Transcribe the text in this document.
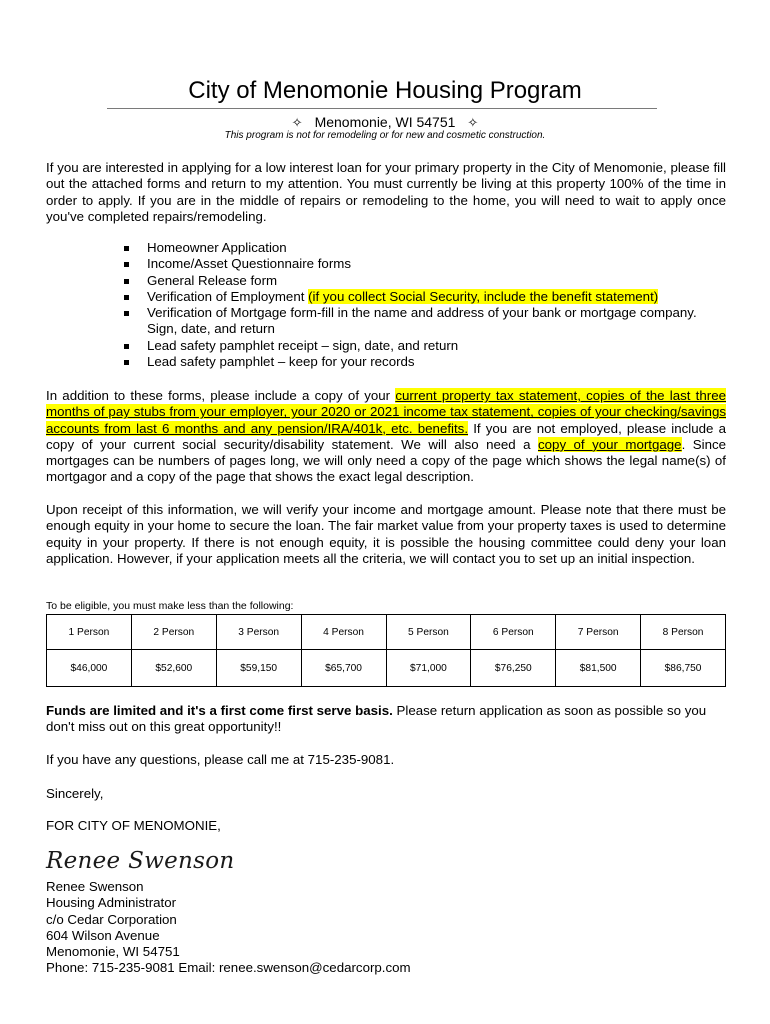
City of Menomonie Housing Program
✧ Menomonie, WI 54751 ✧
This program is not for remodeling or for new and cosmetic construction.

If you are interested in applying for a low interest loan for your primary property in the City of Menomonie, please fill out the attached forms and return to my attention. You must currently be living at this property 100% of the time in order to apply. If you are in the middle of repairs or remodeling to the home, you will need to wait to apply once you've completed repairs/remodeling.

Homeowner Application
Income/Asset Questionnaire forms
General Release form
Verification of Employment (if you collect Social Security, include the benefit statement)
Verification of Mortgage form-fill in the name and address of your bank or mortgage company. Sign, date, and return
Lead safety pamphlet receipt – sign, date, and return
Lead safety pamphlet – keep for your records

In addition to these forms, please include a copy of your current property tax statement, copies of the last three months of pay stubs from your employer, your 2020 or 2021 income tax statement, copies of your checking/savings accounts from last 6 months and any pension/IRA/401k, etc. benefits. If you are not employed, please include a copy of your current social security/disability statement. We will also need a copy of your mortgage. Since mortgages can be numbers of pages long, we will only need a copy of the page which shows the legal name(s) of mortgagor and a copy of the page that shows the exact legal description.

Upon receipt of this information, we will verify your income and mortgage amount. Please note that there must be enough equity in your home to secure the loan. The fair market value from your property taxes is used to determine equity in your property. If there is not enough equity, it is possible the housing committee could deny your loan application. However, if your application meets all the criteria, we will contact you to set up an initial inspection.

To be eligible, you must make less than the following:
1 Person	2 Person	3 Person	4 Person	5 Person	6 Person	7 Person	8 Person
$46,000	$52,600	$59,150	$65,700	$71,000	$76,250	$81,500	$86,750

Funds are limited and it's a first come first serve basis. Please return application as soon as possible so you don't miss out on this great opportunity!!

If you have any questions, please call me at 715-235-9081.

Sincerely,

FOR CITY OF MENOMONIE,

Renee Swenson
Renee Swenson
Housing Administrator
c/o Cedar Corporation
604 Wilson Avenue
Menomonie, WI 54751
Phone: 715-235-9081 Email: renee.swenson@cedarcorp.com
